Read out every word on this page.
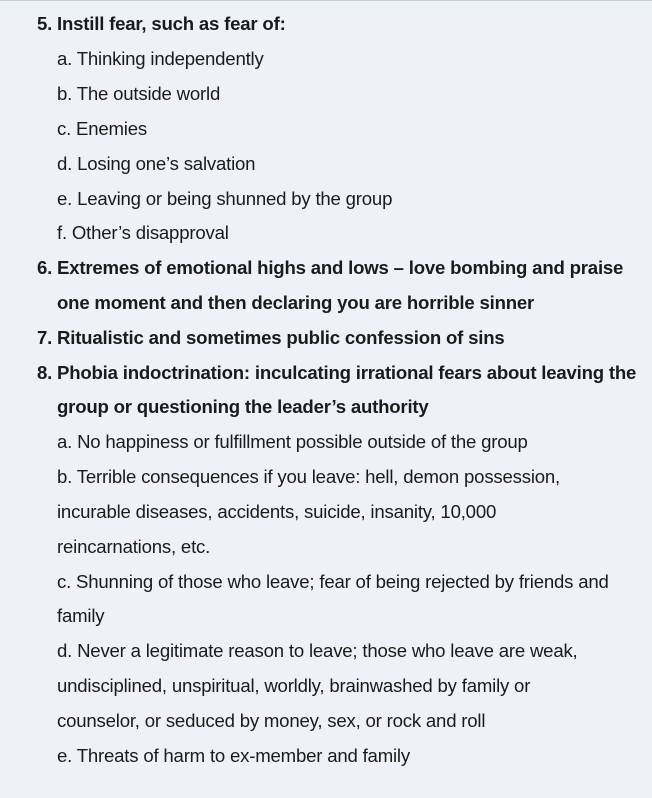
5. Instill fear, such as fear of:
a. Thinking independently
b. The outside world
c. Enemies
d. Losing one’s salvation
e. Leaving or being shunned by the group
f. Other’s disapproval
6. Extremes of emotional highs and lows – love bombing and praise
one moment and then declaring you are horrible sinner
7. Ritualistic and sometimes public confession of sins
8. Phobia indoctrination: inculcating irrational fears about leaving the
group or questioning the leader’s authority
a. No happiness or fulfillment possible outside of the group
b. Terrible consequences if you leave: hell, demon possession,
incurable diseases, accidents, suicide, insanity, 10,000
reincarnations, etc.
c. Shunning of those who leave; fear of being rejected by friends and
family
d. Never a legitimate reason to leave; those who leave are weak,
undisciplined, unspiritual, worldly, brainwashed by family or
counselor, or seduced by money, sex, or rock and roll
e. Threats of harm to ex-member and family
